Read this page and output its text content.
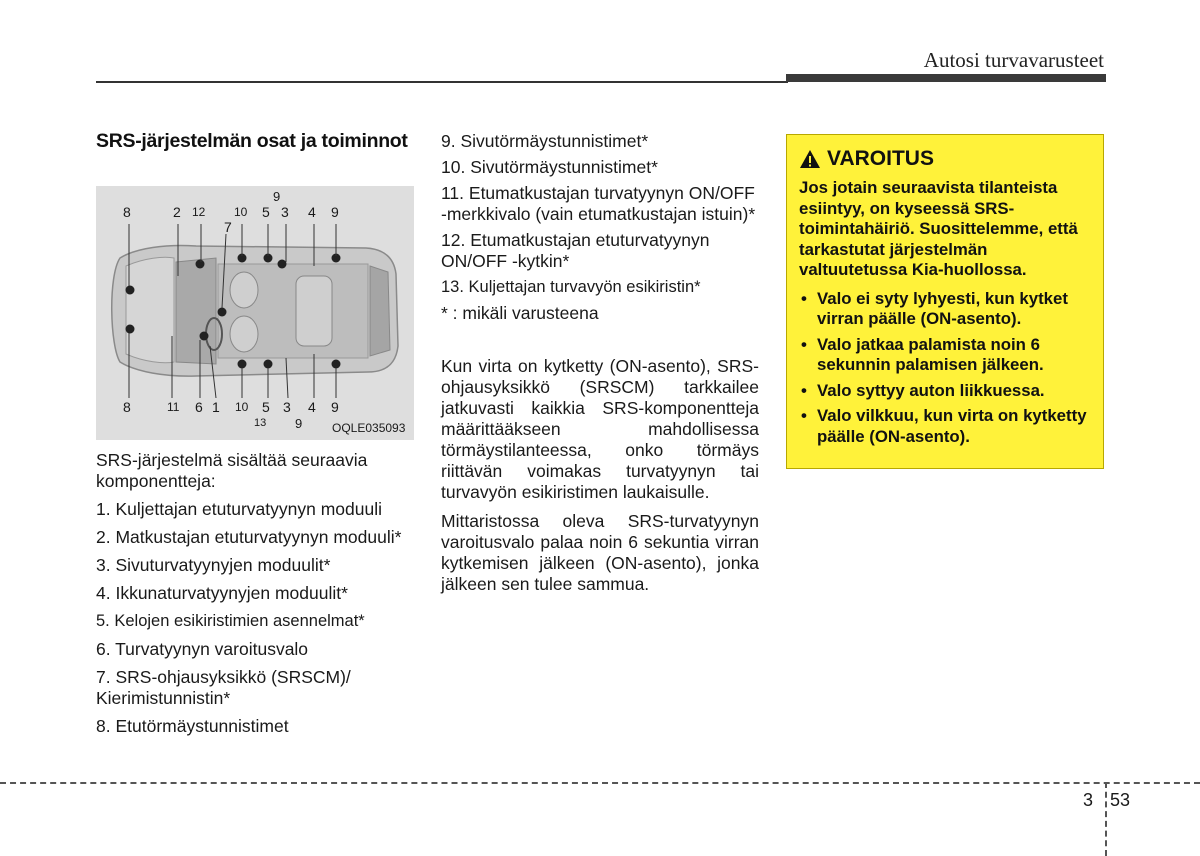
Autosi turvavarusteet
SRS-järjestelmän osat ja toiminnot
8	2 12 10 5 3 4 9
9
7
8	11 6 1 10 5 3 4 9
13 9 OQLE035093

SRS-järjestelmä sisältää seuraavia komponentteja:

1. Kuljettajan etuturvatyynyn moduuli
2. Matkustajan etuturvatyynyn moduuli*
3. Sivuturvatyynyjen moduulit*
4. Ikkunaturvatyynyjen moduulit*
5. Kelojen esikiristimien asennelmat*
6. Turvatyynyn varoitusvalo
7. SRS-ohjausyksikkö (SRSCM)/ Kierimistunnistin*
8. Etutörmäystunnistimet
9. Sivutörmäystunnistimet*
10. Sivutörmäystunnistimet*
11. Etumatkustajan turvatyynyn ON/OFF -merkkivalo (vain etumatkustajan istuin)*
12. Etumatkustajan etuturvatyynyn ON/OFF -kytkin*
13. Kuljettajan turvavyön esikiristin*

* : mikäli varusteena

Kun virta on kytketty (ON-asento), SRS-ohjausyksikkö (SRSCM) tarkkailee jatkuvasti kaikkia SRS-komponentteja määrittääkseen mahdollisessa törmäystilanteessa, onko törmäys riittävän voimakas turvatyynyn tai turvavyön esikiristimen laukaisulle.

Mittaristossa oleva SRS-turvatyynyn varoitusvalo palaa noin 6 sekuntia virran kytkemisen jälkeen (ON-asento), jonka jälkeen sen tulee sammua.

VAROITUS

Jos jotain seuraavista tilanteista esiintyy, on kyseessä SRS-toimintahäiriö. Suosittelemme, että tarkastutat järjestelmän valtuutetussa Kia-huollossa.

• Valo ei syty lyhyesti, kun kytket virran päälle (ON-asento).
• Valo jatkaa palamista noin 6 sekunnin palamisen jälkeen.
• Valo syttyy auton liikkuessa.
• Valo vilkkuu, kun virta on kytketty päälle (ON-asento).
3 53
